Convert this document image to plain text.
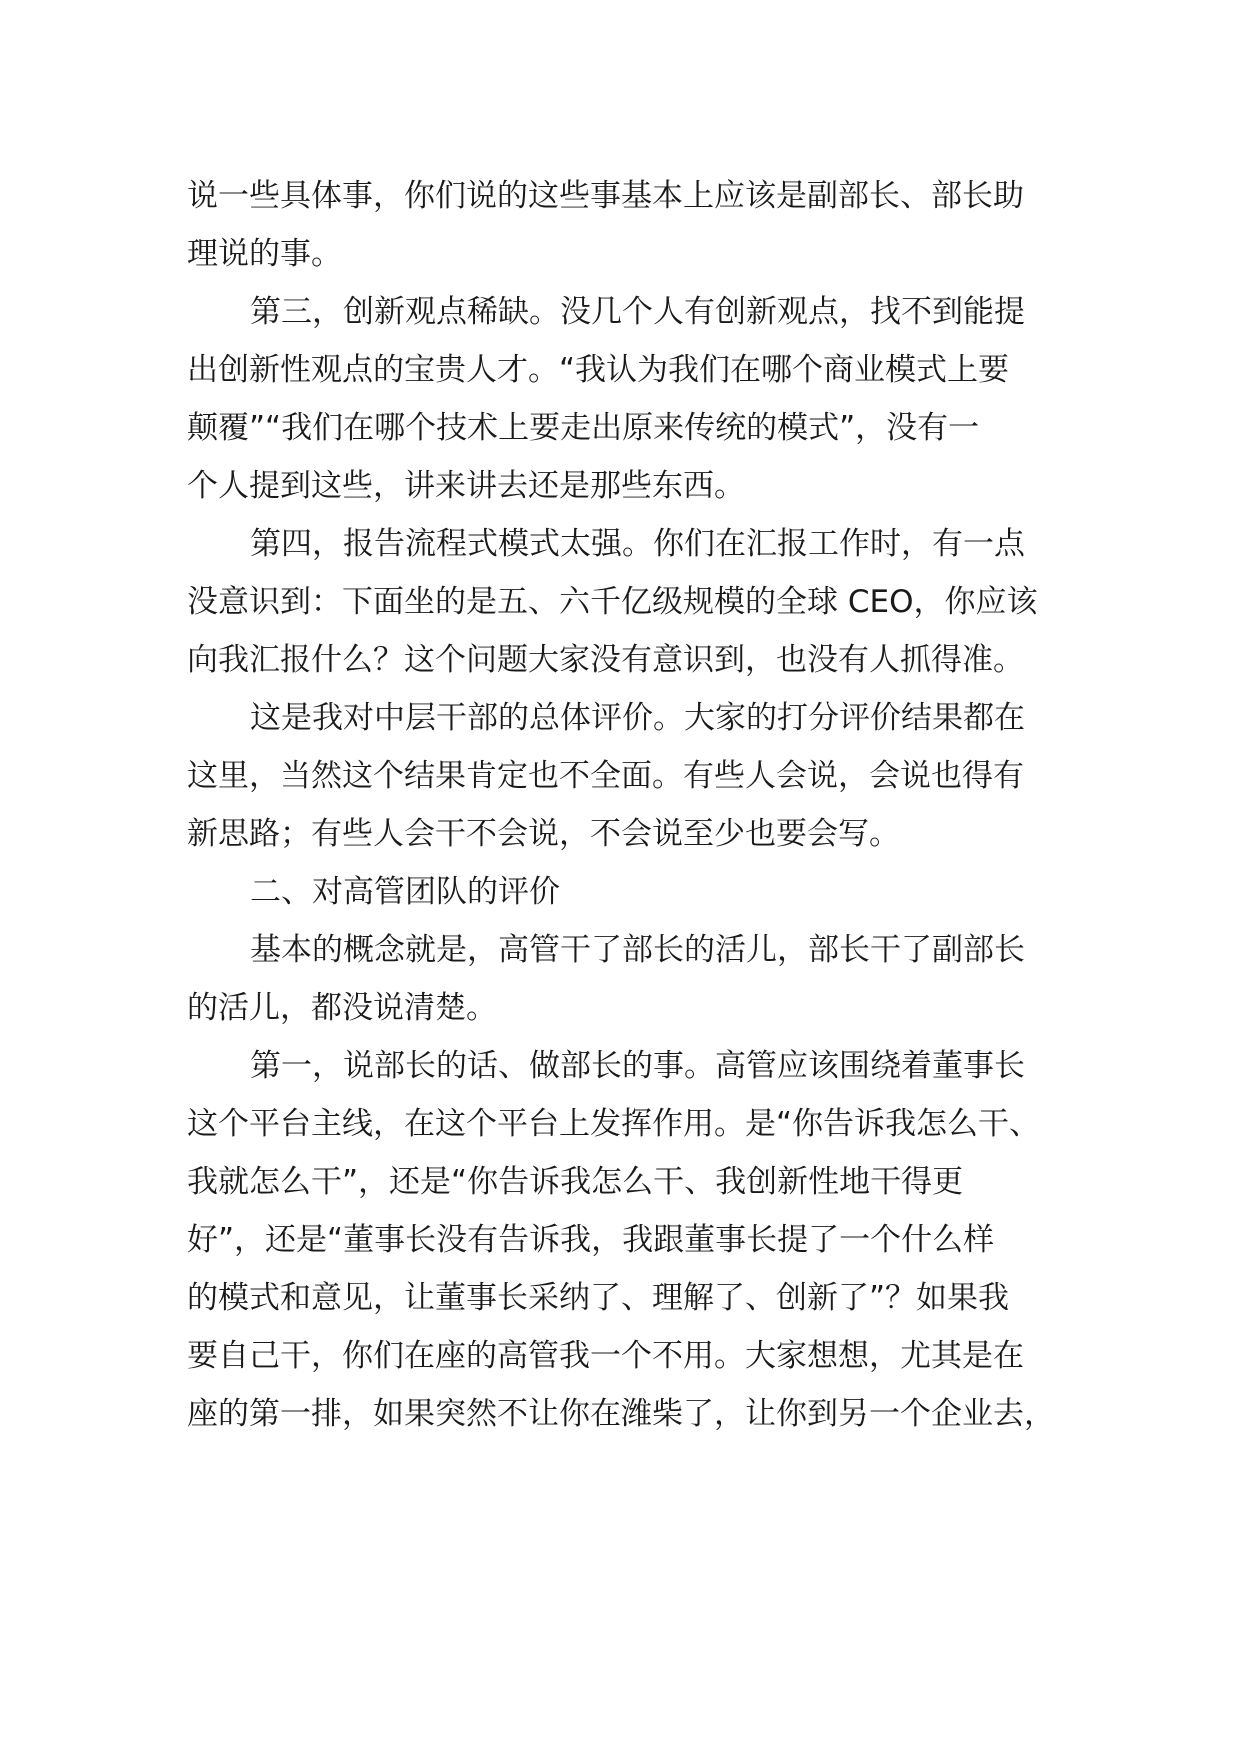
说一些具体事，你们说的这些事基本上应该是副部长、部长助

理说的事。

第三，创新观点稀缺。没几个人有创新观点，找不到能提

出创新性观点的宝贵人才。“我认为我们在哪个商业模式上要

颠覆”“我们在哪个技术上要走出原来传统的模式”，没有一

个人提到这些，讲来讲去还是那些东西。

第四，报告流程式模式太强。你们在汇报工作时，有一点

没意识到：下面坐的是五、六千亿级规模的全球 CEO，你应该

向我汇报什么？这个问题大家没有意识到，也没有人抓得准。

这是我对中层干部的总体评价。大家的打分评价结果都在

这里，当然这个结果肯定也不全面。有些人会说，会说也得有

新思路；有些人会干不会说，不会说至少也要会写。

二、对高管团队的评价

基本的概念就是，高管干了部长的活儿，部长干了副部长

的活儿，都没说清楚。

第一，说部长的话、做部长的事。高管应该围绕着董事长

这个平台主线，在这个平台上发挥作用。是“你告诉我怎么干、

我就怎么干”，还是“你告诉我怎么干、我创新性地干得更

好”，还是“董事长没有告诉我，我跟董事长提了一个什么样

的模式和意见，让董事长采纳了、理解了、创新了”？如果我

要自己干，你们在座的高管我一个不用。大家想想，尤其是在

座的第一排，如果突然不让你在潍柴了，让你到另一个企业去，
